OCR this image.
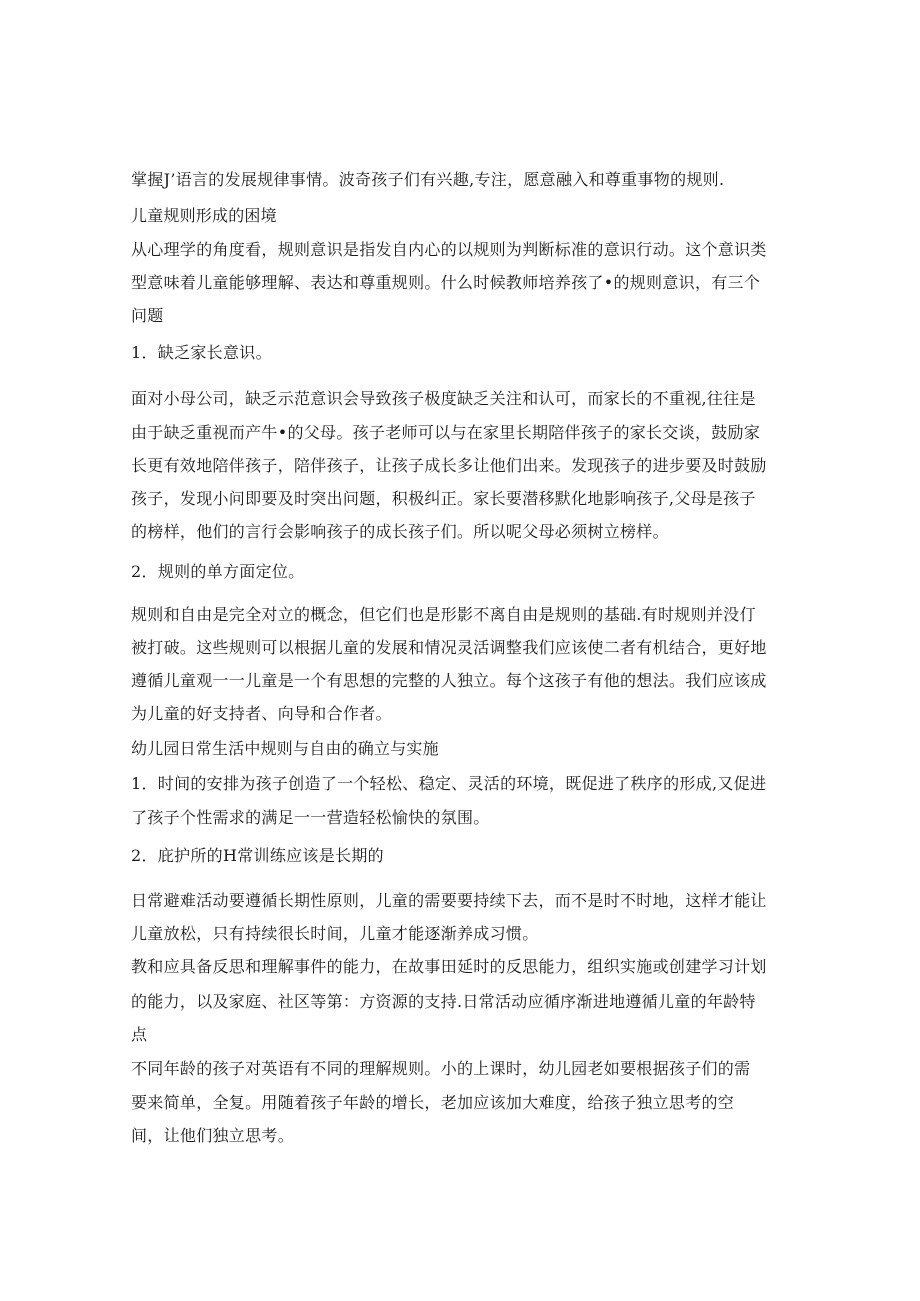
掌握J’语言的发展规律事情。波奇孩子们有兴趣,专注，愿意融入和尊重事物的规则.

儿童规则形成的困境

从心理学的角度看，规则意识是指发自内心的以规则为判断标准的意识行动。这个意识类

型意味着儿童能够理解、表达和尊重规则。什么时候教师培养孩了•的规则意识，有三个

问题

1．缺乏家长意识。

面对小母公司，缺乏示范意识会导致孩子极度缺乏关注和认可，而家长的不重视,往往是

由于缺乏重视而产牛•的父母。孩子老师可以与在家里长期陪伴孩子的家长交谈，鼓励家

长更有效地陪伴孩子，陪伴孩子，让孩子成长多让他们出来。发现孩子的进步要及时鼓励

孩子，发现小问即要及时突出问题，积极纠正。家长要潜移默化地影响孩子,父母是孩子

的榜样，他们的言行会影响孩子的成长孩子们。所以呢父母必须树立榜样。

2．规则的单方面定位。

规则和自由是完全对立的概念，但它们也是形影不离自由是规则的基础.有时规则并没仃

被打破。这些规则可以根据儿童的发展和情况灵活调整我们应该使二者有机结合，更好地

遵循儿童观一一儿童是一个有思想的完整的人独立。每个这孩子有他的想法。我们应该成

为儿童的好支持者、向导和合作者。

幼儿园日常生活中规则与自由的确立与实施

1．时间的安排为孩子创造了一个轻松、稳定、灵活的环境，既促进了秩序的形成,又促进

了孩子个性需求的满足一一营造轻松愉快的氛围。

2．庇护所的H常训练应该是长期的

日常避难活动要遵循长期性原则，儿童的需要要持续下去，而不是时不时地，这样才能让

儿童放松，只有持续很长时间，儿童才能逐渐养成习惯。

教和应具备反思和理解事件的能力，在故事田延时的反思能力，组织实施或创建学习计划

的能力，以及家庭、社区等第：方资源的支持.日常活动应循序渐进地遵循儿童的年龄特

点

不同年龄的孩子对英语有不同的理解规则。小的上课时，幼儿园老如要根据孩子们的需

要来简单，全复。用随着孩子年龄的增长，老加应该加大难度，给孩子独立思考的空

间，让他们独立思考。
